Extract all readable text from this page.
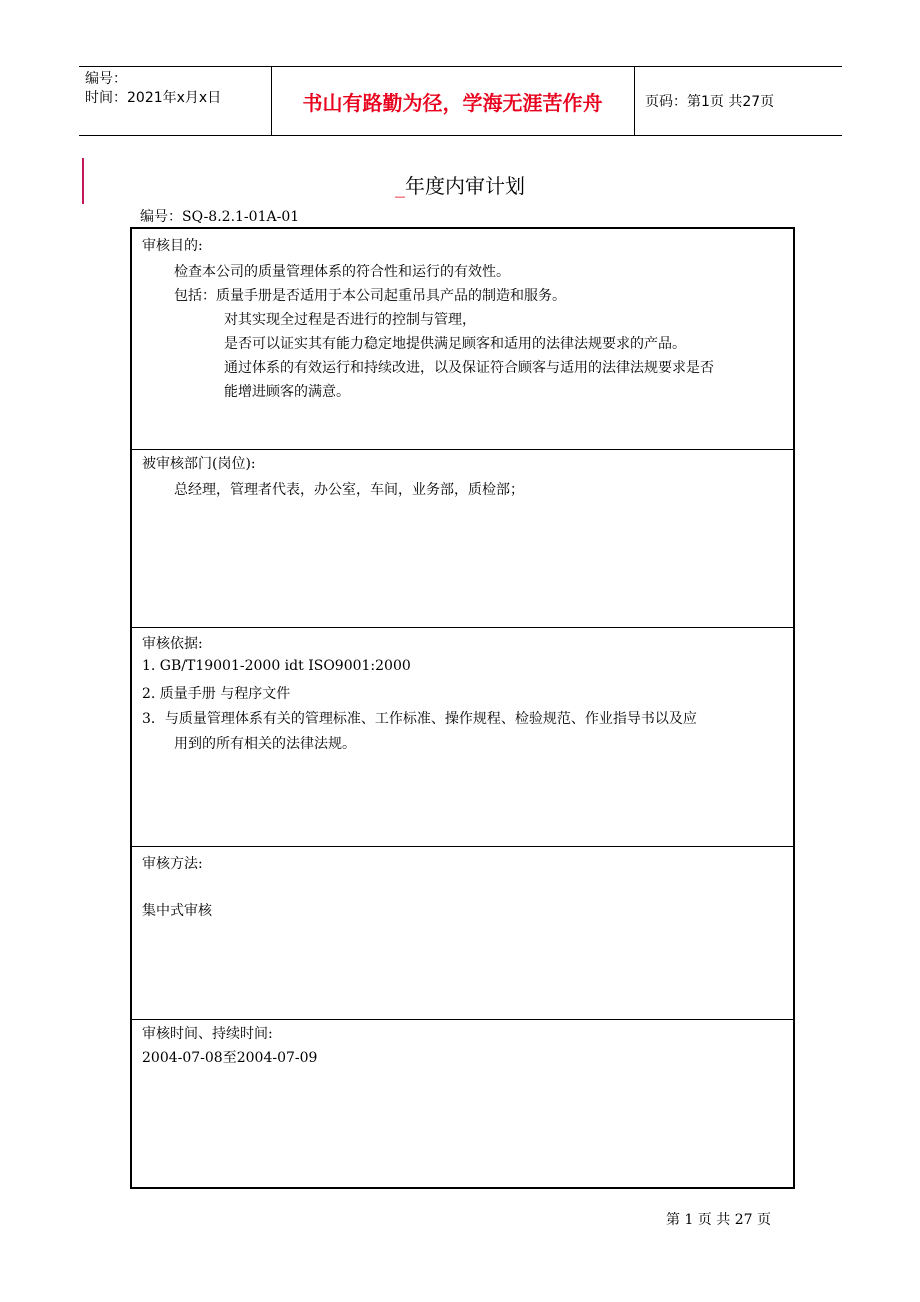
编号：
时间：2021年x月x日	书山有路勤为径，学海无涯苦作舟	页码：第1页 共27页
_年度内审计划
编号：SQ-8.2.1-01A-01
审核目的:
检查本公司的质量管理体系的符合性和运行的有效性。
包括：质量手册是否适用于本公司起重吊具产品的制造和服务。
对其实现全过程是否进行的控制与管理，
是否可以证实其有能力稳定地提供满足顾客和适用的法律法规要求的产品。
通过体系的有效运行和持续改进，以及保证符合顾客与适用的法律法规要求是否
能增进顾客的满意。
被审核部门(岗位):
总经理，管理者代表，办公室，车间，业务部，质检部；
审核依据:
1. GB/T19001-2000 idt ISO9001:2000
2. 质量手册 与程序文件
3．与质量管理体系有关的管理标准、工作标准、操作规程、检验规范、作业指导书以及应
用到的所有相关的法律法规。
审核方法:
集中式审核
审核时间、持续时间:
2004-07-08至2004-07-09
第 1 页 共 27 页
